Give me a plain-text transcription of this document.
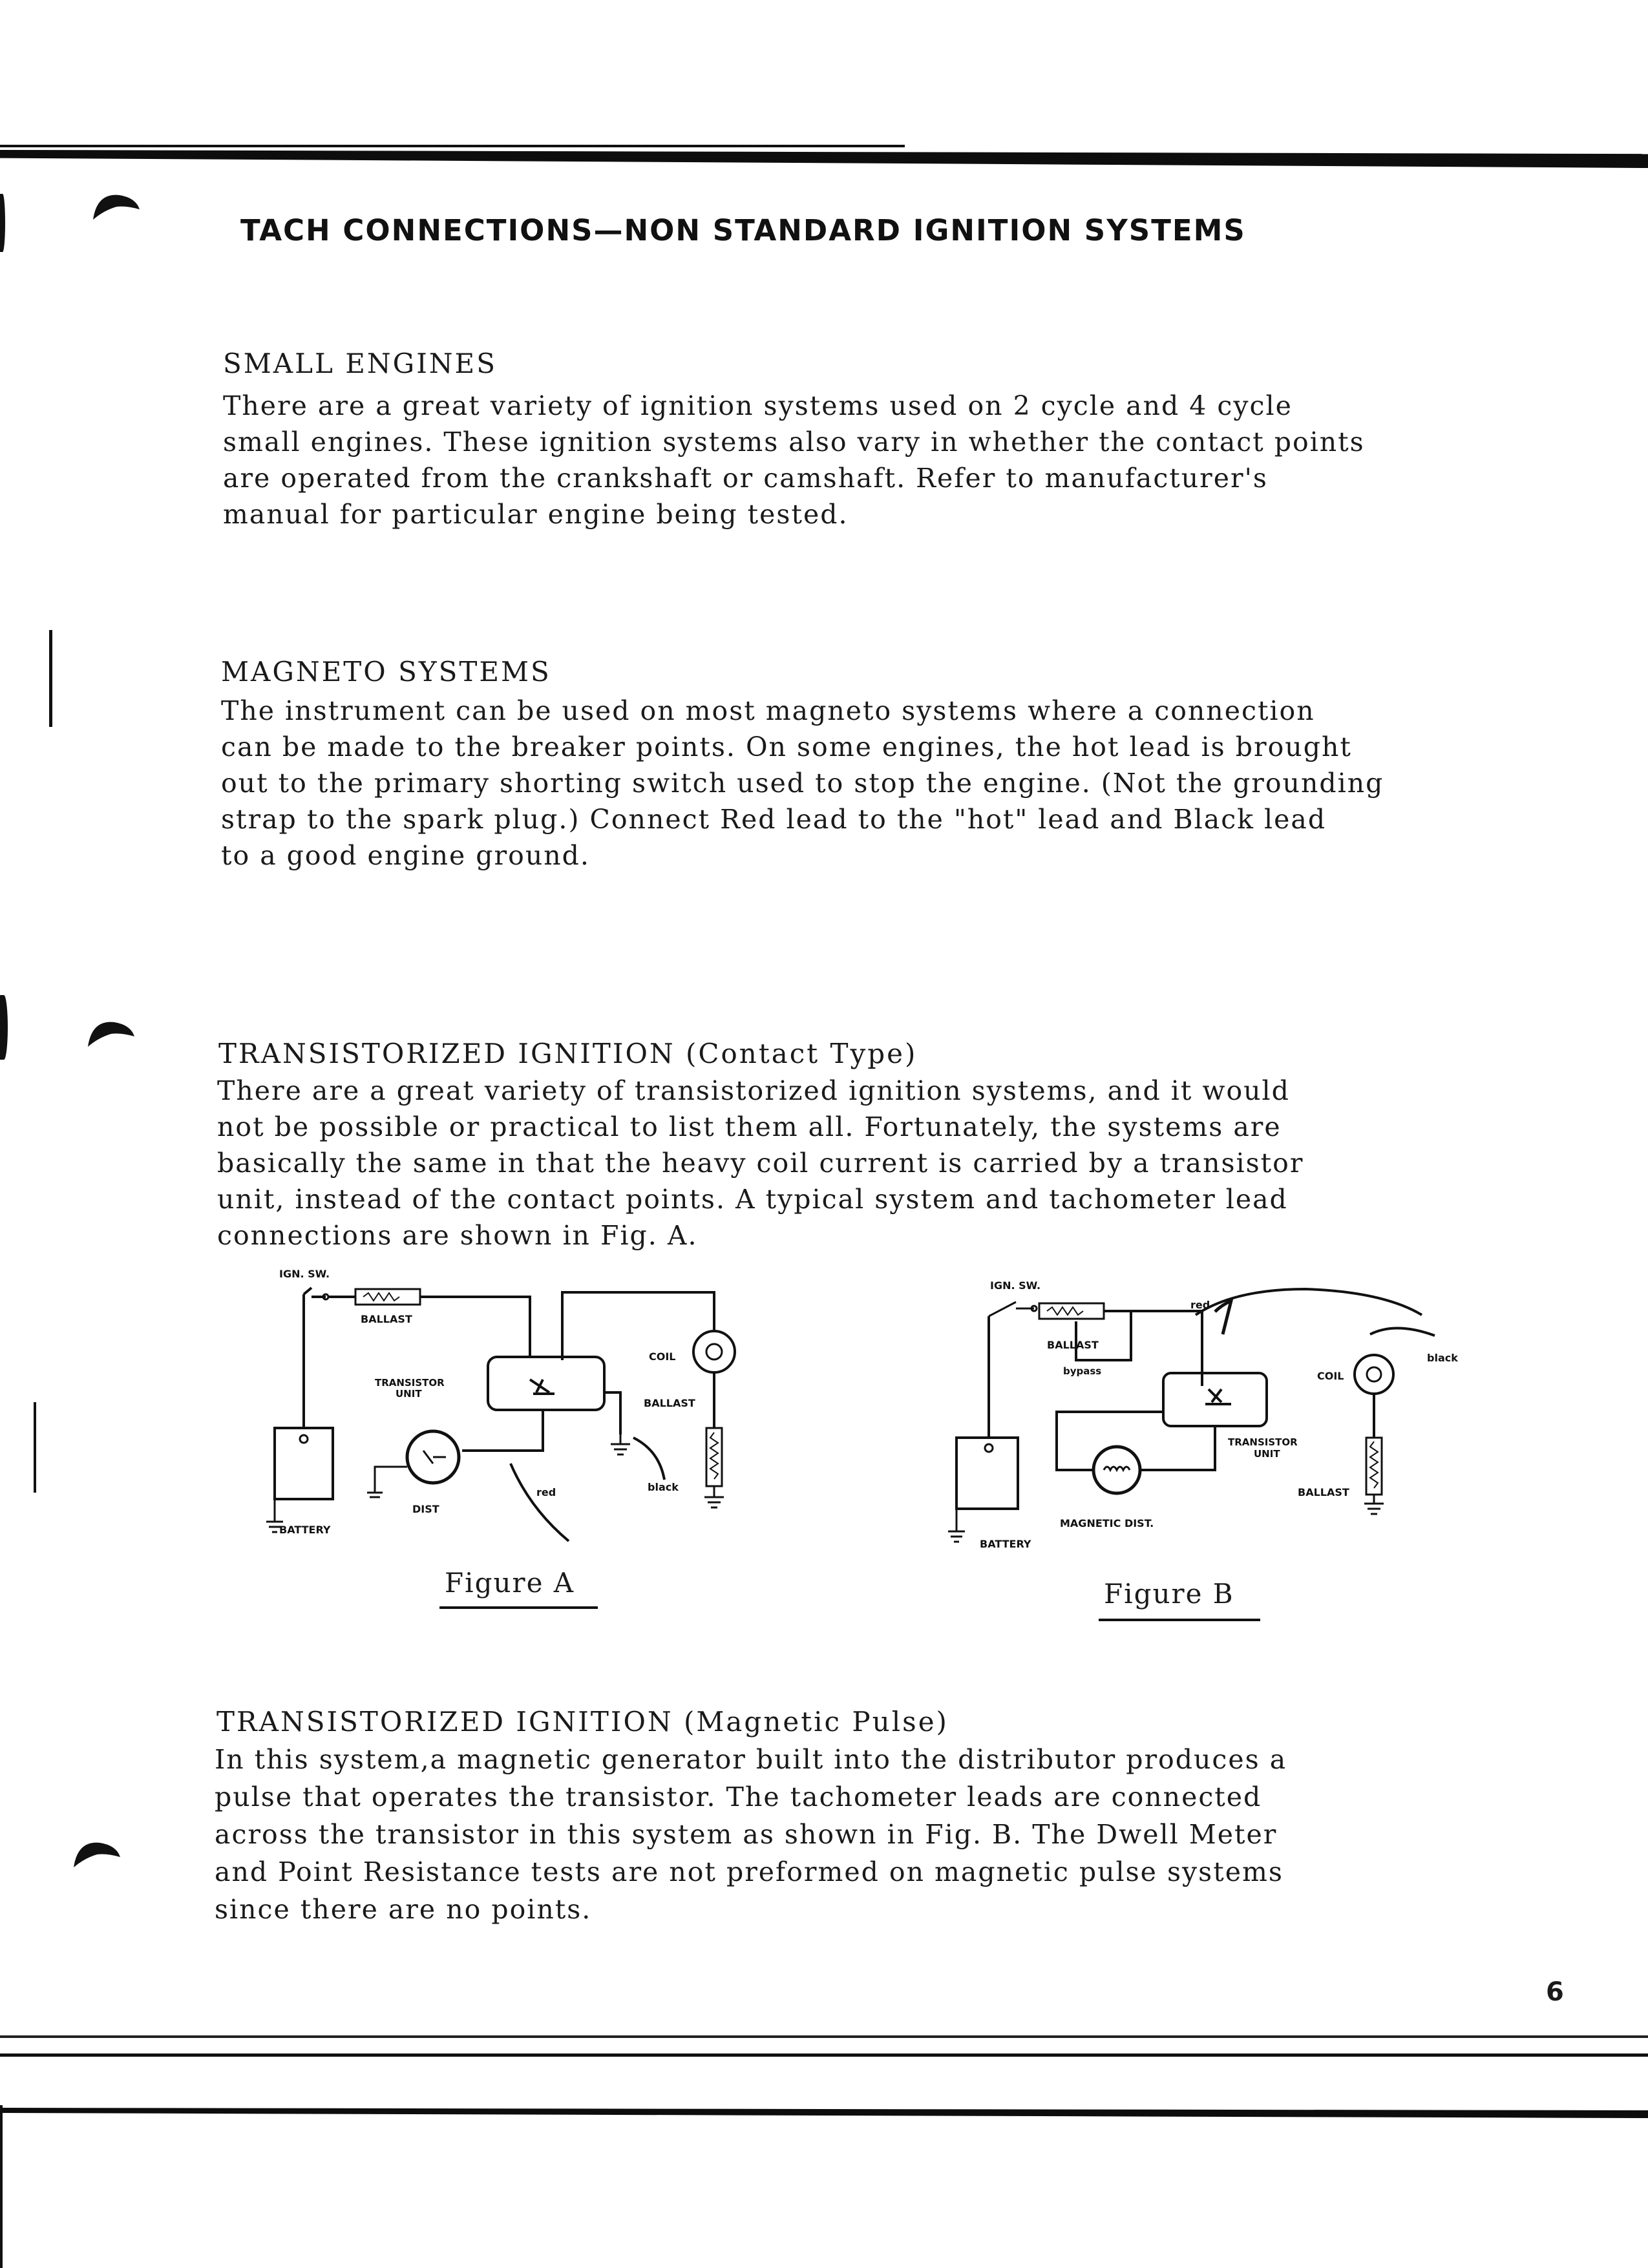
TACH CONNECTIONS—NON STANDARD IGNITION SYSTEMS
SMALL ENGINES
There are a great variety of ignition systems used on 2 cycle and 4 cycle
small engines. These ignition systems also vary in whether the contact points
are operated from the crankshaft or camshaft. Refer to manufacturer's
manual for particular engine being tested.
MAGNETO SYSTEMS
The instrument can be used on most magneto systems where a connection
can be made to the breaker points. On some engines, the hot lead is brought
out to the primary shorting switch used to stop the engine. (Not the grounding
strap to the spark plug.) Connect Red lead to the "hot" lead and Black lead
to a good engine ground.
TRANSISTORIZED IGNITION (Contact Type)
There are a great variety of transistorized ignition systems, and it would
not be possible or practical to list them all. Fortunately, the systems are
basically the same in that the heavy coil current is carried by a transistor
unit, instead of the contact points. A typical system and tachometer lead
connections are shown in Fig. A.
IGN. SW.
BALLAST
TRANSISTOR
UNIT
COIL
BALLAST
BATTERY
DIST
red	black
Figure A
IGN. SW.
BALLAST
bypass
red
black
COIL
TRANSISTOR
UNIT
BALLAST
BATTERY
MAGNETIC DIST.
Figure B
TRANSISTORIZED IGNITION (Magnetic Pulse)
In this system,a magnetic generator built into the distributor produces a
pulse that operates the transistor. The tachometer leads are connected
across the transistor in this system as shown in Fig. B. The Dwell Meter
and Point Resistance tests are not preformed on magnetic pulse systems
since there are no points.
6
